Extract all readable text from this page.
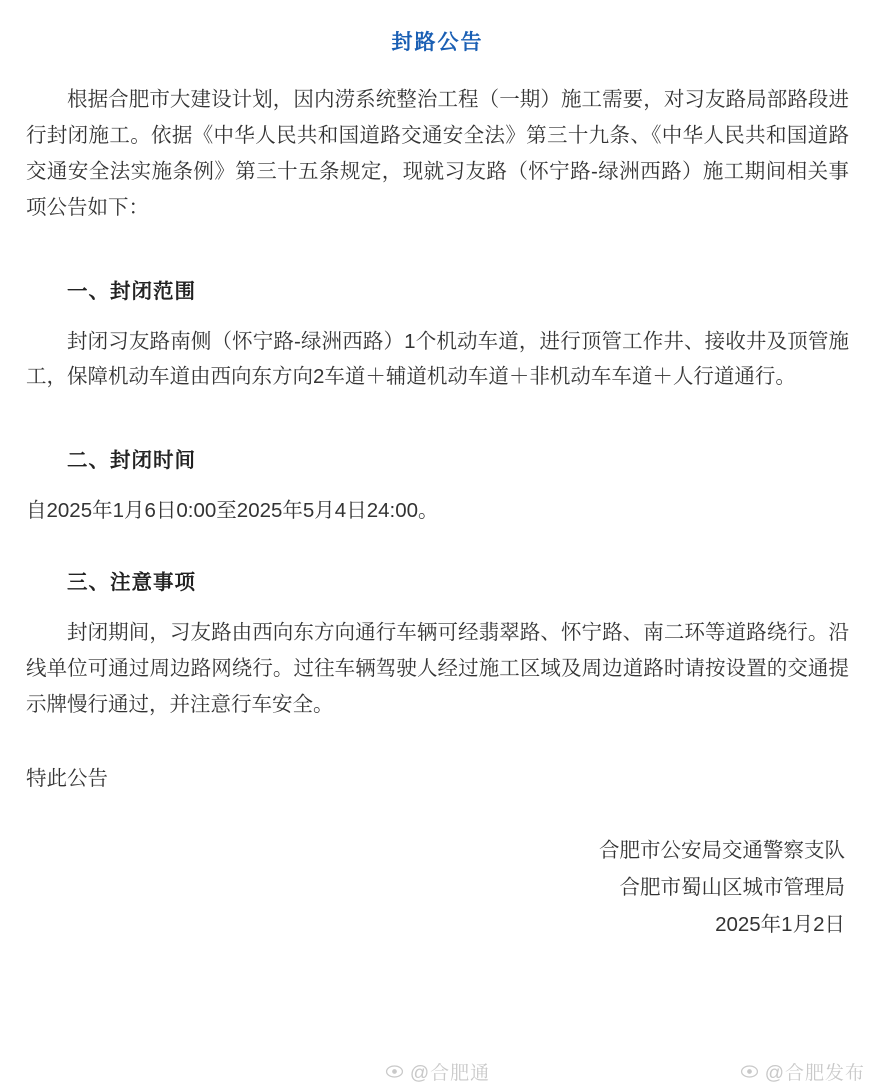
封路公告

根据合肥市大建设计划，因内涝系统整治工程（一期）施工需要，对习友路局部路段进行封闭施工。依据《中华人民共和国道路交通安全法》第三十九条、《中华人民共和国道路交通安全法实施条例》第三十五条规定，现就习友路（怀宁路-绿洲西路）施工期间相关事项公告如下：

一、封闭范围

封闭习友路南侧（怀宁路-绿洲西路）1个机动车道，进行顶管工作井、接收井及顶管施工，保障机动车道由西向东方向2车道＋辅道机动车道＋非机动车车道＋人行道通行。

二、封闭时间

自2025年1月6日0:00至2025年5月4日24:00。

三、注意事项

封闭期间，习友路由西向东方向通行车辆可经翡翠路、怀宁路、南二环等道路绕行。沿线单位可通过周边路网绕行。过往车辆驾驶人经过施工区域及周边道路时请按设置的交通提示牌慢行通过，并注意行车安全。

特此公告

合肥市公安局交通警察支队
合肥市蜀山区城市管理局
2025年1月2日
@合肥通	@合肥发布
